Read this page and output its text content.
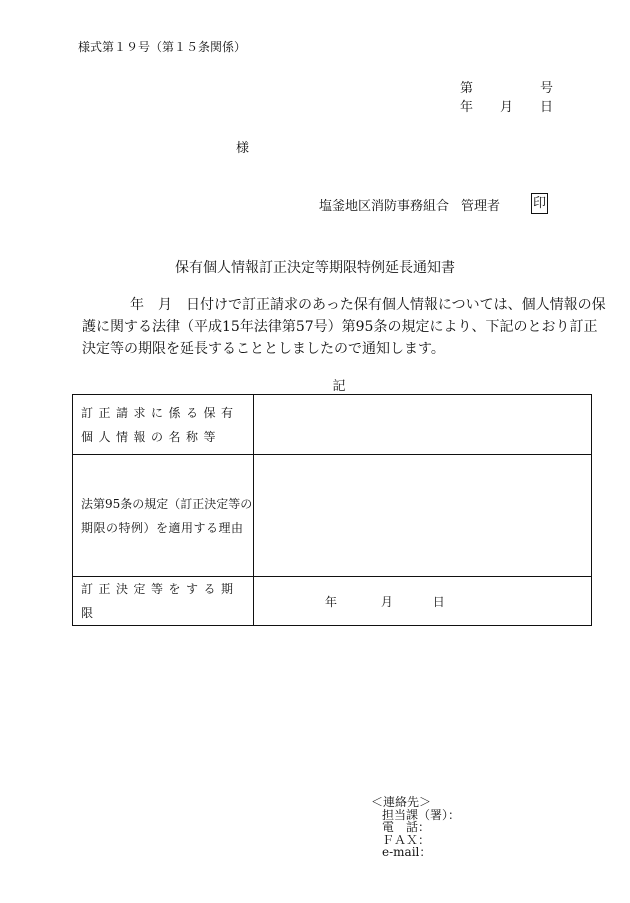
様式第１９号（第１５条関係）
第	号
年 月 日
様
塩釜地区消防事務組合 管理者	印
保有個人情報訂正決定等期限特例延長通知書
年　月　日付けで訂正請求のあった保有個人情報については、個人情報の保護に関する法律（平成15年法律第57号）第95条の規定により、下記のとおり訂正決定等の期限を延長することとしましたので通知します。
記
訂正請求に係る保有
個人情報の名称等	

法第95条の規定（訂正決定等の
期限の特例）を適用する理由	

訂正決定等をする期限	年 月 日
＜連絡先＞
担当課（署）：
電　話：
ＦＡＸ：
e-mail：
